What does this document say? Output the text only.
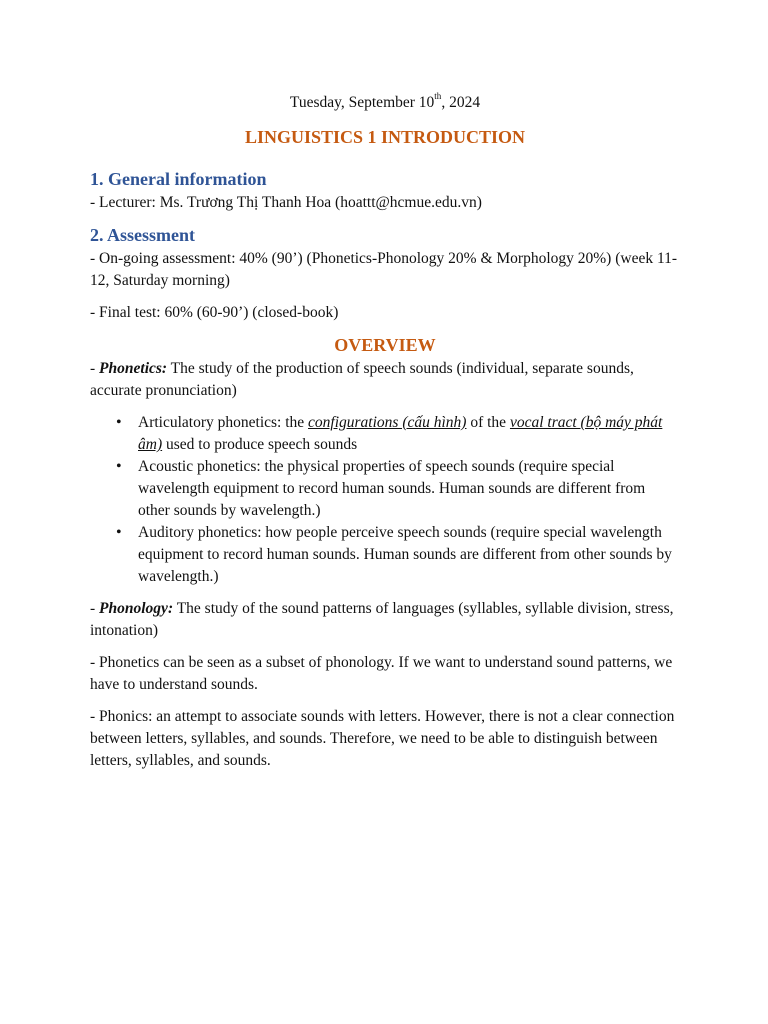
Tuesday, September 10th, 2024
LINGUISTICS 1 INTRODUCTION
1. General information

- Lecturer: Ms. Trương Thị Thanh Hoa (hoattt@hcmue.edu.vn)

2. Assessment

- On-going assessment: 40% (90’) (Phonetics-Phonology 20% & Morphology 20%) (week 11-12, Saturday morning)

- Final test: 60% (60-90’) (closed-book)

OVERVIEW

- Phonetics: The study of the production of speech sounds (individual, separate sounds, accurate pronunciation)

• Articulatory phonetics: the configurations (cấu hình) of the vocal tract (bộ máy phát âm) used to produce speech sounds
• Acoustic phonetics: the physical properties of speech sounds (require special wavelength equipment to record human sounds. Human sounds are different from other sounds by wavelength.)
• Auditory phonetics: how people perceive speech sounds (require special wavelength equipment to record human sounds. Human sounds are different from other sounds by wavelength.)

- Phonology: The study of the sound patterns of languages (syllables, syllable division, stress, intonation)

- Phonetics can be seen as a subset of phonology. If we want to understand sound patterns, we have to understand sounds.

- Phonics: an attempt to associate sounds with letters. However, there is not a clear connection between letters, syllables, and sounds. Therefore, we need to be able to distinguish between letters, syllables, and sounds.
